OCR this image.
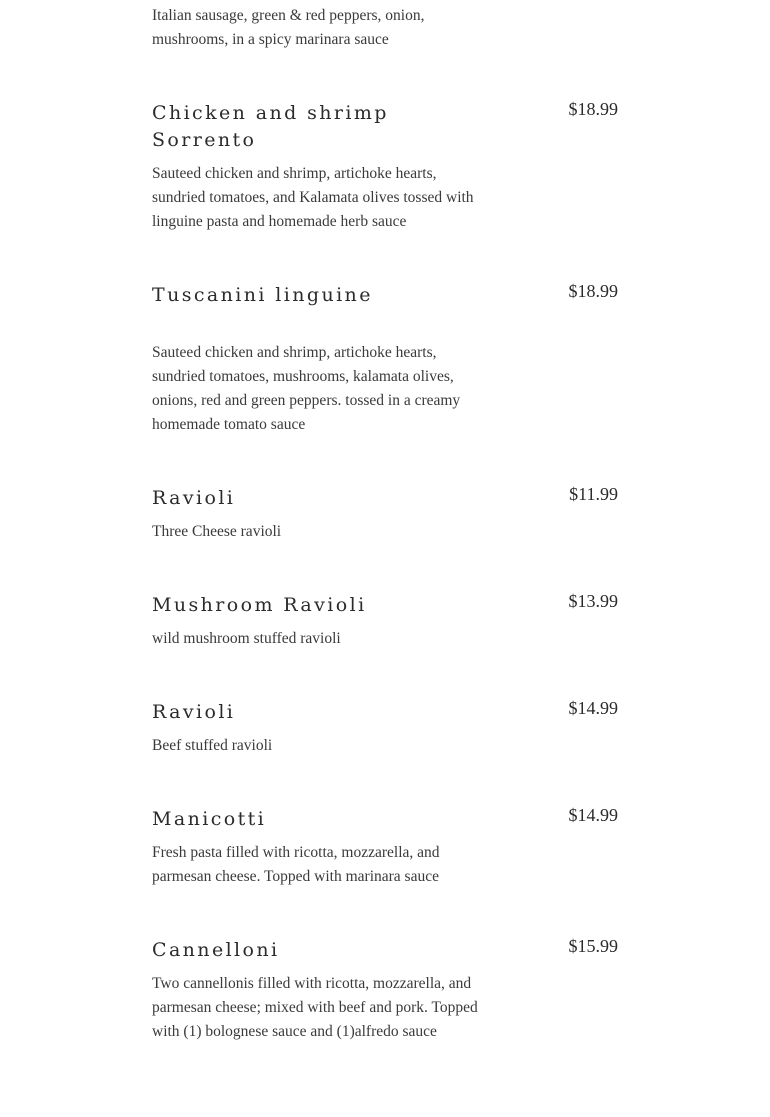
Italian sausage, green & red peppers, onion, mushrooms, in a spicy marinara sauce

Chicken and shrimp Sorrento
$18.99

Sauteed chicken and shrimp, artichoke hearts, sundried tomatoes, and Kalamata olives tossed with linguine pasta and homemade herb sauce

Tuscanini linguine	$18.99

Sauteed chicken and shrimp, artichoke hearts, sundried tomatoes, mushrooms, kalamata olives, onions, red and green peppers. tossed in a creamy homemade tomato sauce

Ravioli	$11.99

Three Cheese ravioli

Mushroom Ravioli	$13.99

wild mushroom stuffed ravioli

Ravioli	$14.99

Beef stuffed ravioli

Manicotti	$14.99

Fresh pasta filled with ricotta, mozzarella, and parmesan cheese. Topped with marinara sauce

Cannelloni	$15.99

Two cannellonis filled with ricotta, mozzarella, and parmesan cheese; mixed with beef and pork. Topped with (1) bolognese sauce and (1)alfredo sauce
